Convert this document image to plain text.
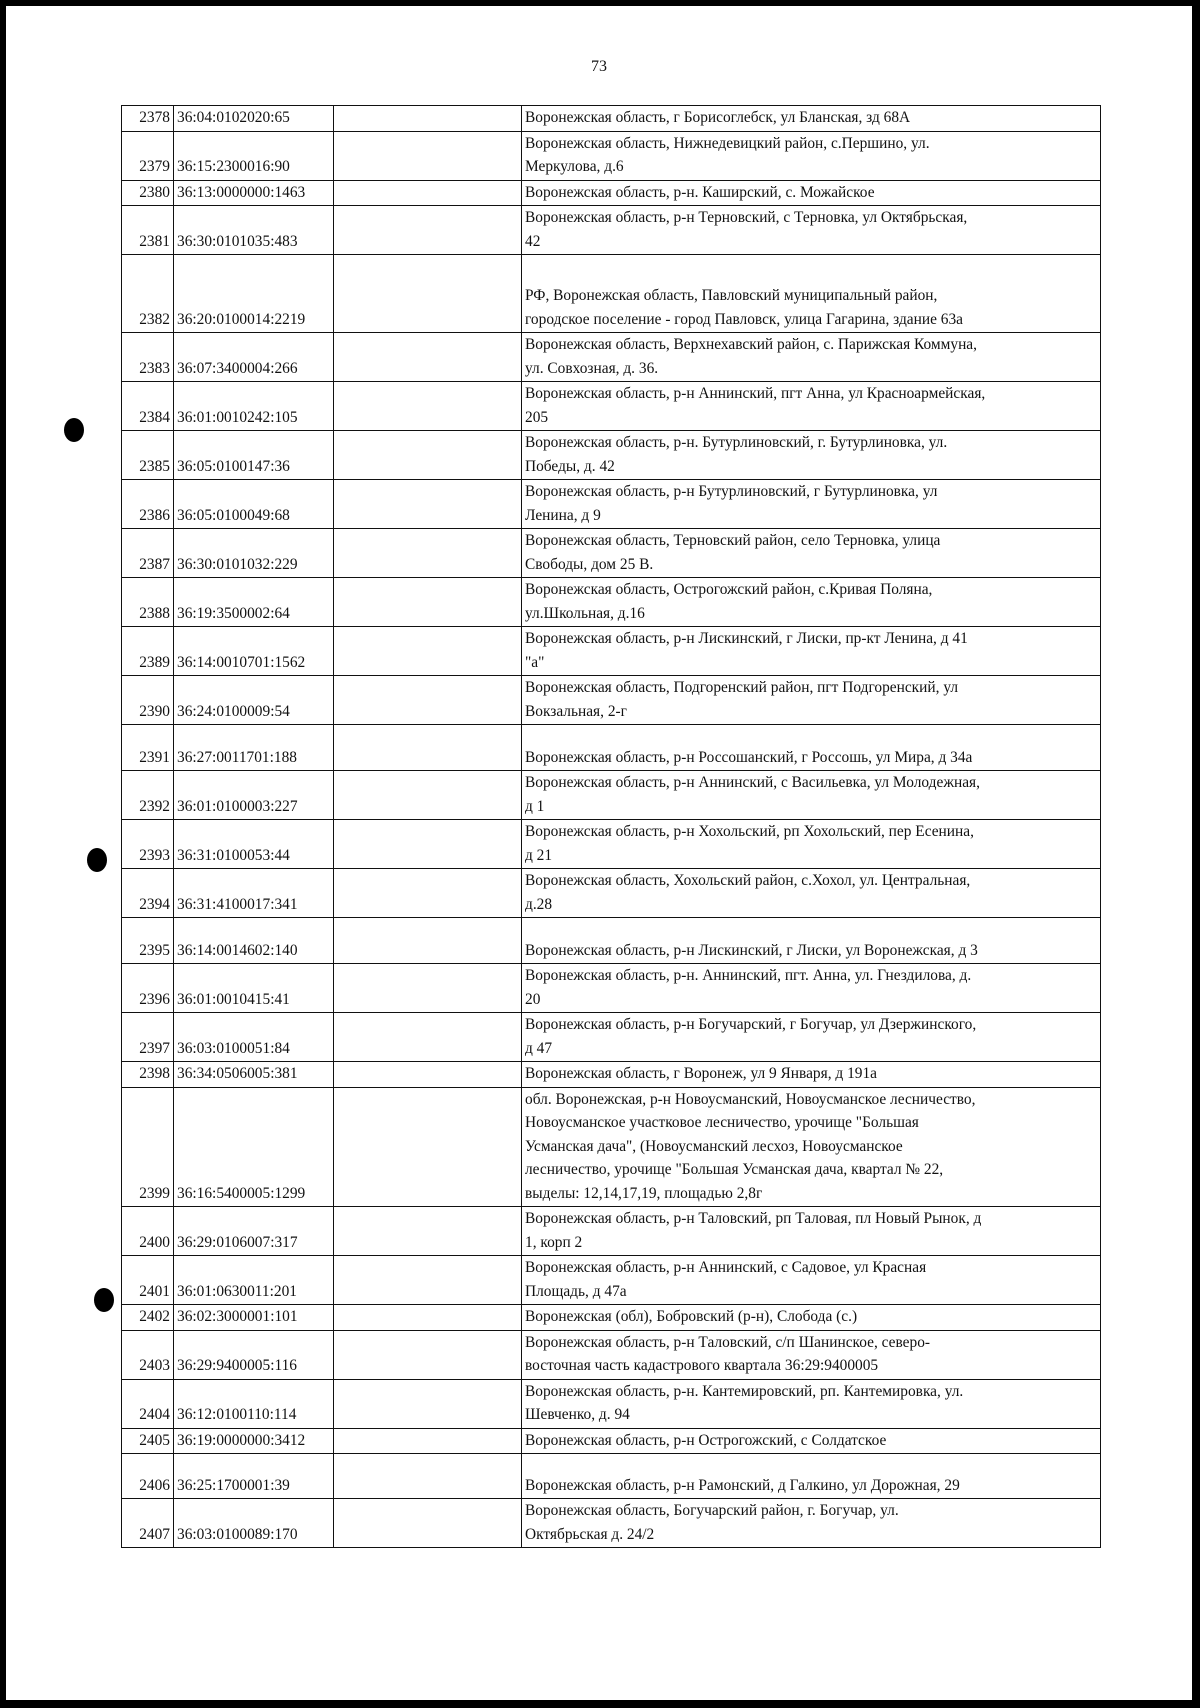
73
2378	36:04:0102020:65		Воронежская область, г Борисоглебск, ул Бланская, зд 68А
2379	36:15:2300016:90		Воронежская область, Нижнедевицкий район, с.Першино, ул.
Меркулова, д.6
2380	36:13:0000000:1463		Воронежская область, р-н. Каширский, с. Можайское
2381	36:30:0101035:483		Воронежская область, р-н Терновский, с Терновка, ул Октябрьская,
42
2382	36:20:0100014:2219		РФ, Воронежская область, Павловский муниципальный район,
городское поселение - город Павловск, улица Гагарина, здание 63а
2383	36:07:3400004:266		Воронежская область, Верхнехавский район, с. Парижская Коммуна,
ул. Совхозная, д. 36.
2384	36:01:0010242:105		Воронежская область, р-н Аннинский, пгт Анна, ул Красноармейская,
205
2385	36:05:0100147:36		Воронежская область, р-н. Бутурлиновский, г. Бутурлиновка, ул.
Победы, д. 42
2386	36:05:0100049:68		Воронежская область, р-н Бутурлиновский, г Бутурлиновка, ул
Ленина, д 9
2387	36:30:0101032:229		Воронежская область, Терновский район, село Терновка, улица
Свободы, дом 25 В.
2388	36:19:3500002:64		Воронежская область, Острогожский район, с.Кривая Поляна,
ул.Школьная, д.16
2389	36:14:0010701:1562		Воронежская область, р-н Лискинский, г Лиски, пр-кт Ленина, д 41
"а"
2390	36:24:0100009:54		Воронежская область, Подгоренский район, пгт Подгоренский, ул
Вокзальная, 2-г
2391	36:27:0011701:188		Воронежская область, р-н Россошанский, г Россошь, ул Мира, д 34а
2392	36:01:0100003:227		Воронежская область, р-н Аннинский, с Васильевка, ул Молодежная,
д 1
2393	36:31:0100053:44		Воронежская область, р-н Хохольский, рп Хохольский, пер Есенина,
д 21
2394	36:31:4100017:341		Воронежская область, Хохольский район, с.Хохол, ул. Центральная,
д.28
2395	36:14:0014602:140		Воронежская область, р-н Лискинский, г Лиски, ул Воронежская, д 3
2396	36:01:0010415:41		Воронежская область, р-н. Аннинский, пгт. Анна, ул. Гнездилова, д.
20
2397	36:03:0100051:84		Воронежская область, р-н Богучарский, г Богучар, ул Дзержинского,
д 47
2398	36:34:0506005:381		Воронежская область, г Воронеж, ул 9 Января, д 191а
2399	36:16:5400005:1299		обл. Воронежская, р-н Новоусманский, Новоусманское лесничество,
Новоусманское участковое лесничество, урочище "Большая
Усманская дача", (Новоусманский лесхоз, Новоусманское
лесничество, урочище "Большая Усманская дача, квартал № 22,
выделы: 12,14,17,19, площадью 2,8г
2400	36:29:0106007:317		Воронежская область, р-н Таловский, рп Таловая, пл Новый Рынок, д
1, корп 2
2401	36:01:0630011:201		Воронежская область, р-н Аннинский, с Садовое, ул Красная
Площадь, д 47а
2402	36:02:3000001:101		Воронежская (обл), Бобровский (р-н), Слобода (с.)
2403	36:29:9400005:116		Воронежская область, р-н Таловский, с/п Шанинское, северо-
восточная часть кадастрового квартала 36:29:9400005
2404	36:12:0100110:114		Воронежская область, р-н. Кантемировский, рп. Кантемировка, ул.
Шевченко, д. 94
2405	36:19:0000000:3412		Воронежская область, р-н Острогожский, с Солдатское
2406	36:25:1700001:39		Воронежская область, р-н Рамонский, д Галкино, ул Дорожная, 29
2407	36:03:0100089:170		Воронежская область, Богучарский район, г. Богучар, ул.
Октябрьская д. 24/2
